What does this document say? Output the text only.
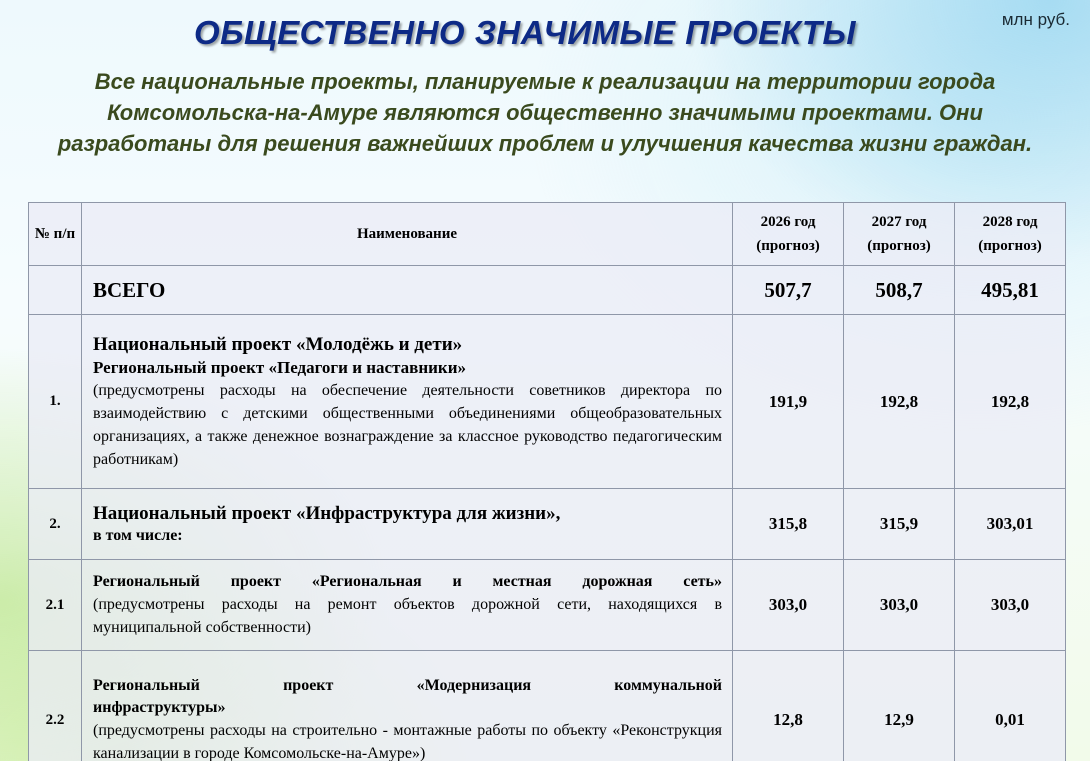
млн руб.
ОБЩЕСТВЕННО ЗНАЧИМЫЕ ПРОЕКТЫ
Все национальные проекты, планируемые к реализации на территории города Комсомольска-на-Амуре являются общественно значимыми проектами. Они разработаны для решения важнейших проблем и улучшения качества жизни граждан.
№ п/п	Наименование	2026 год (прогноз)	2027 год (прогноз)	2028 год (прогноз)
	ВСЕГО	507,7	508,7	495,81
1.	Национальный проект «Молодёжь и дети»
Региональный проект «Педагоги и наставники»
(предусмотрены расходы на обеспечение деятельности советников директора по взаимодействию с детскими общественными объединениями общеобразовательных организациях, а также денежное вознаграждение за классное руководство педагогическим работникам)	191,9	192,8	192,8
2.	Национальный проект «Инфраструктура для жизни»,
в том числе:	315,8	315,9	303,01
2.1	Региональный проект «Региональная и местная дорожная сеть»
(предусмотрены расходы на ремонт объектов дорожной сети, находящихся в муниципальной собственности)	303,0	303,0	303,0
2.2	Региональный проект «Модернизация коммунальной
инфраструктуры»
(предусмотрены расходы на строительно - монтажные работы по объекту «Реконструкция канализации в городе Комсомольске-на-Амуре»)	12,8	12,9	0,01
